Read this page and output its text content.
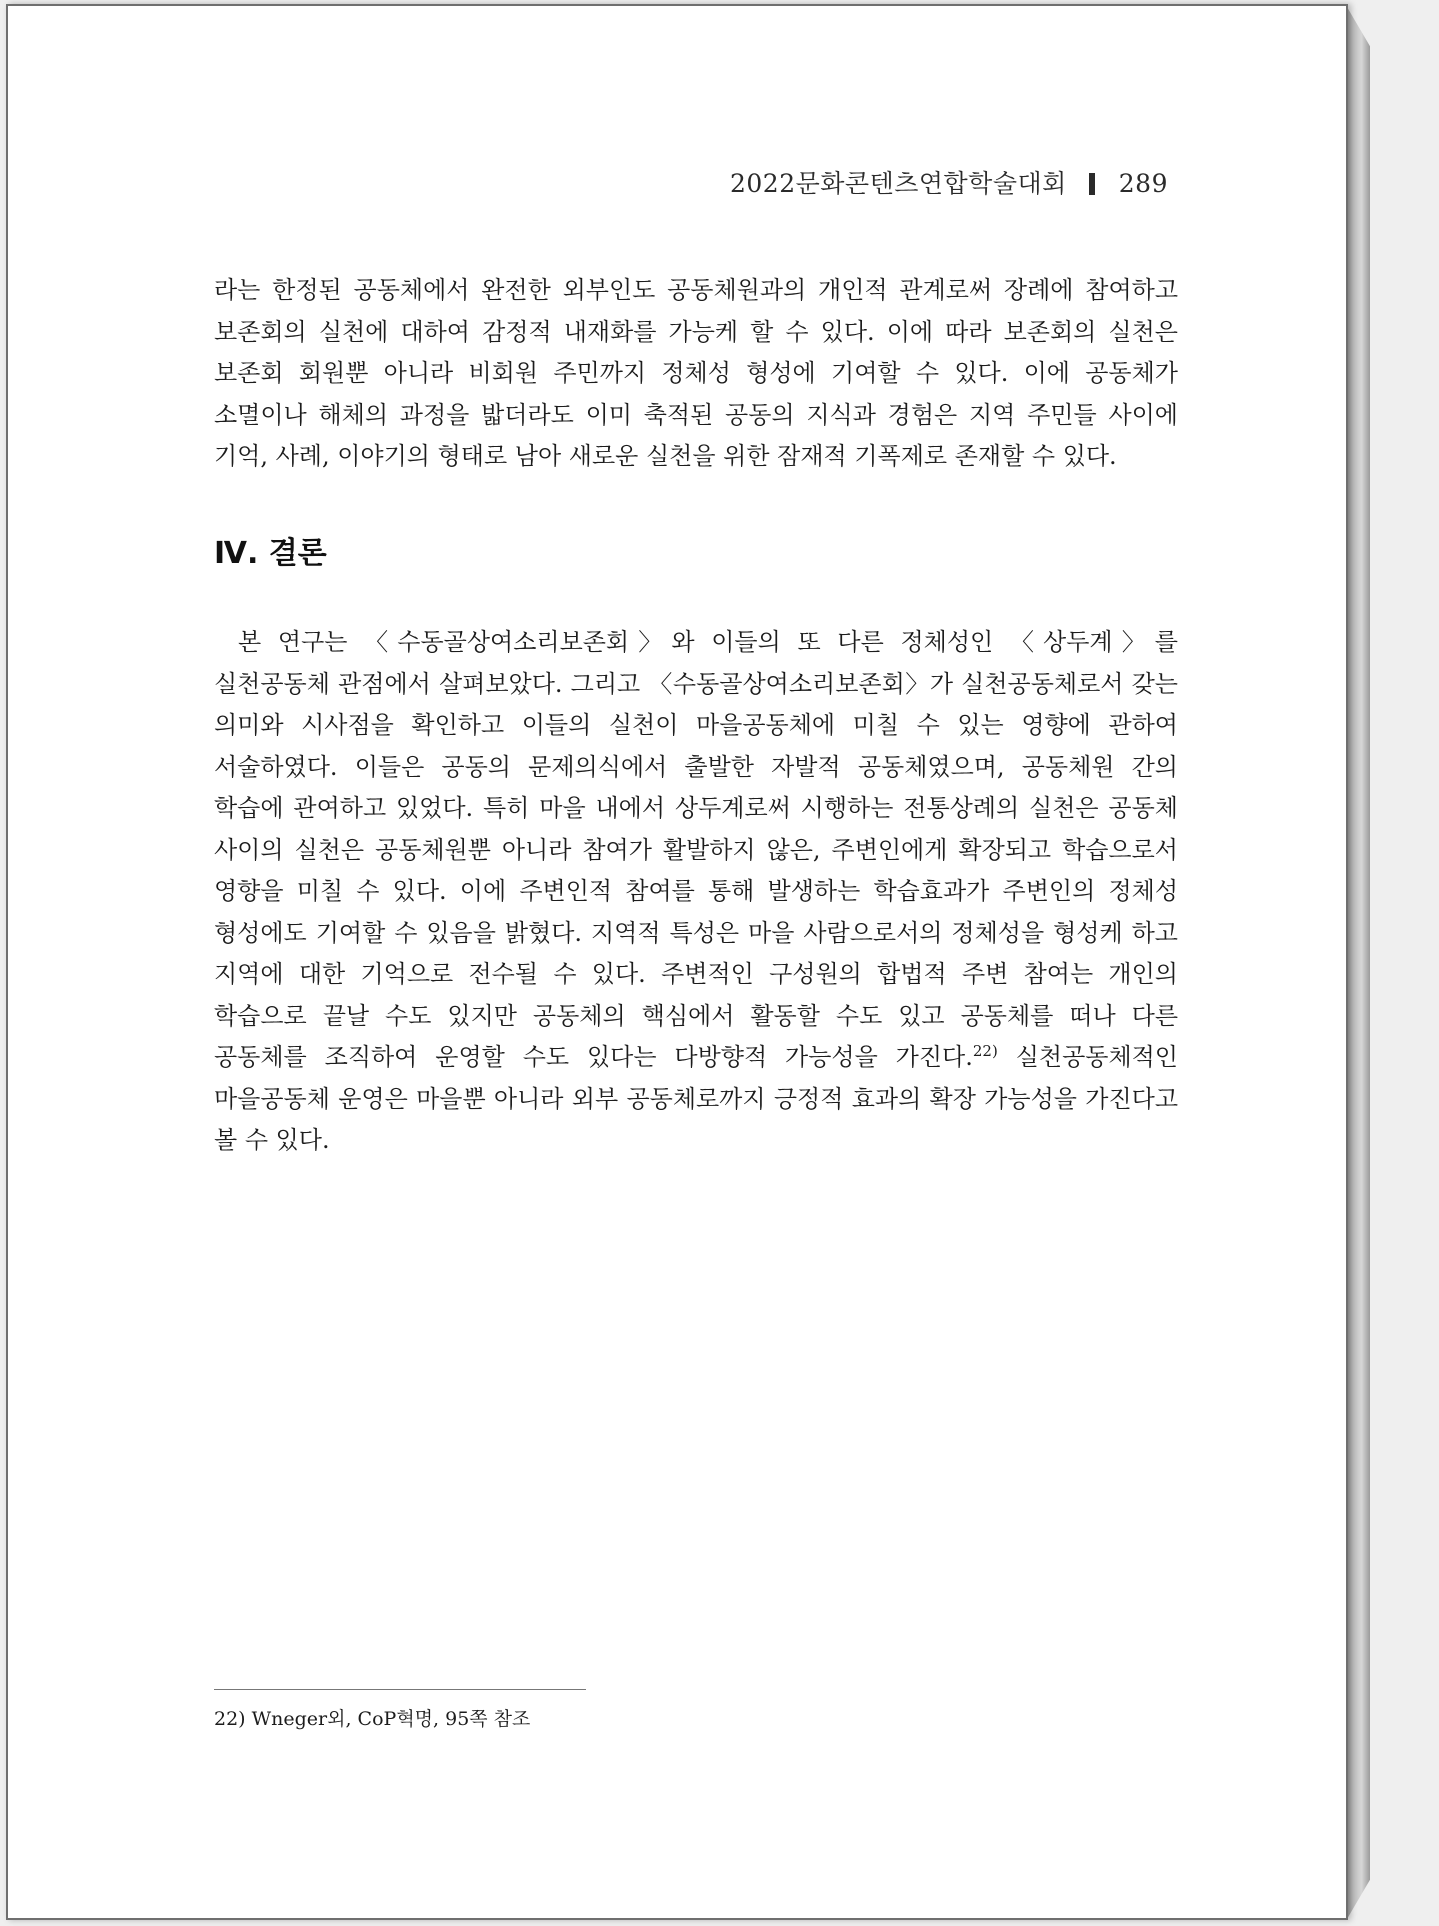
2022문화콘텐츠연합학술대회 289

라는 한정된 공동체에서 완전한 외부인도 공동체원과의 개인적 관계로써 장례에 참여하고 보존회의 실천에 대하여 감정적 내재화를 가능케 할 수 있다. 이에 따라 보존회의 실천은 보존회 회원뿐 아니라 비회원 주민까지 정체성 형성에 기여할 수 있다. 이에 공동체가 소멸이나 해체의 과정을 밟더라도 이미 축적된 공동의 지식과 경험은 지역 주민들 사이에 기억, 사례, 이야기의 형태로 남아 새로운 실천을 위한 잠재적 기폭제로 존재할 수 있다.

Ⅳ. 결론

본 연구는 〈수동골상여소리보존회〉와 이들의 또 다른 정체성인 〈상두계〉를 실천공동체 관점에서 살펴보았다. 그리고 〈수동골상여소리보존회〉가 실천공동체로서 갖는 의미와 시사점을 확인하고 이들의 실천이 마을공동체에 미칠 수 있는 영향에 관하여 서술하였다. 이들은 공동의 문제의식에서 출발한 자발적 공동체였으며, 공동체원 간의 학습에 관여하고 있었다. 특히 마을 내에서 상두계로써 시행하는 전통상례의 실천은 공동체 사이의 실천은 공동체원뿐 아니라 참여가 활발하지 않은, 주변인에게 확장되고 학습으로서 영향을 미칠 수 있다. 이에 주변인적 참여를 통해 발생하는 학습효과가 주변인의 정체성 형성에도 기여할 수 있음을 밝혔다. 지역적 특성은 마을 사람으로서의 정체성을 형성케 하고 지역에 대한 기억으로 전수될 수 있다. 주변적인 구성원의 합법적 주변 참여는 개인의 학습으로 끝날 수도 있지만 공동체의 핵심에서 활동할 수도 있고 공동체를 떠나 다른 공동체를 조직하여 운영할 수도 있다는 다방향적 가능성을 가진다.$^{22)}$ 실천공동체적인 마을공동체 운영은 마을뿐 아니라 외부 공동체로까지 긍정적 효과의 확장 가능성을 가진다고 볼 수 있다.

22) Wneger외, CoP혁명, 95쪽 참조
